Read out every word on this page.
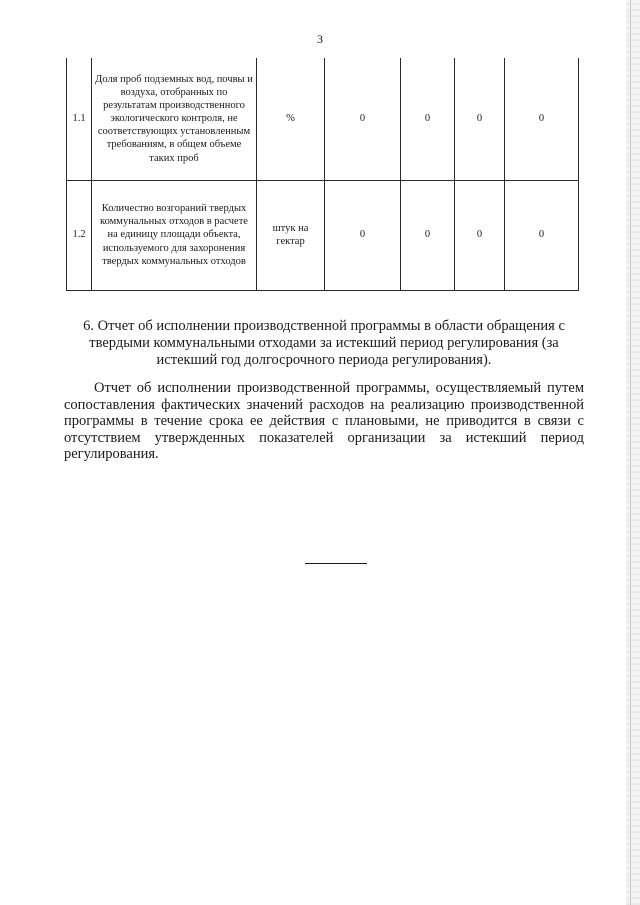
3
1.1	Доля проб подземных вод, почвы и воздуха, отобранных по результатам производственного экологического контроля, не соответствующих установленным требованиям, в общем объеме таких проб	%	0	0	0	0
1.2	Количество возгораний твердых коммунальных отходов в расчете на единицу площади объекта, используемого для захоронения твердых коммунальных отходов	штук на гектар	0	0	0	0
6. Отчет об исполнении производственной программы в области обращения с твердыми коммунальными отходами за истекший период регулирования (за истекший год долгосрочного периода регулирования).
Отчет об исполнении производственной программы, осуществляемый путем сопоставления фактических значений расходов на реализацию производственной программы в течение срока ее действия с плановыми, не приводится в связи с отсутствием утвержденных показателей организации за истекший период регулирования.
